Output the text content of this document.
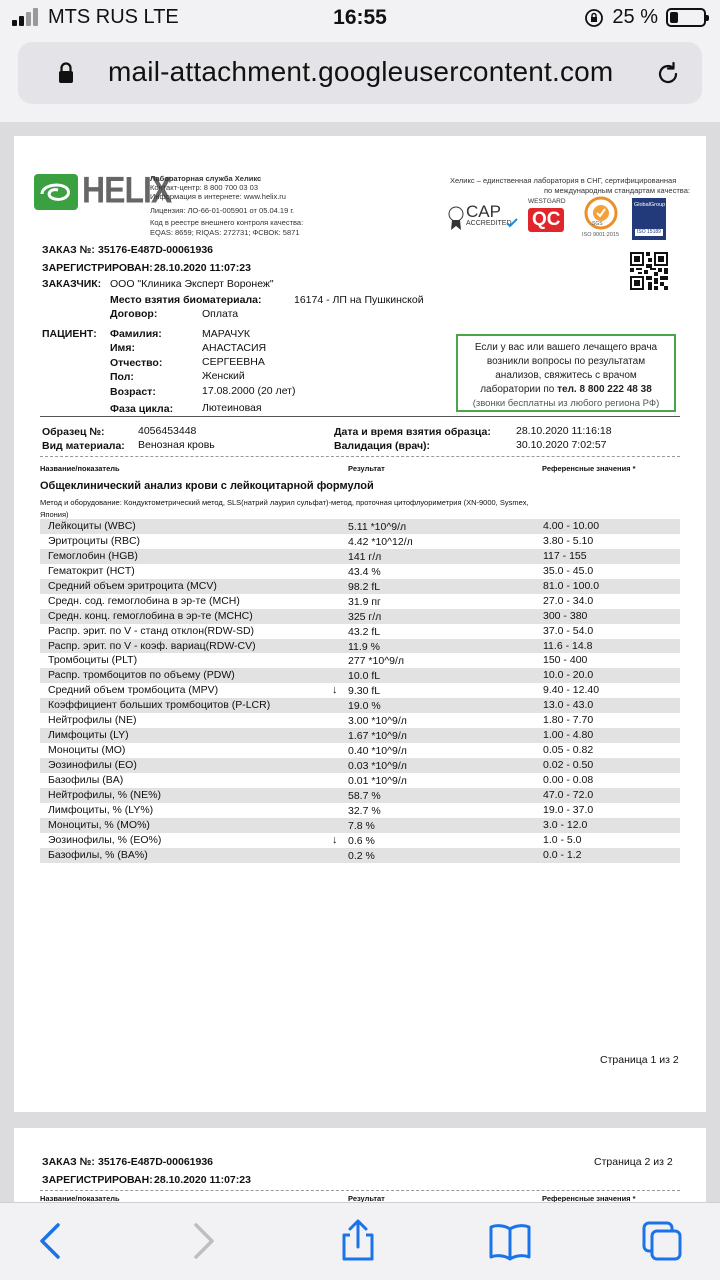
MTS RUS LTE	16:55	25 %
mail-attachment.googleusercontent.com
HELIX
Лабораторная служба Хеликс
Контакт-центр: 8 800 700 03 03
Информация в интернете: www.helix.ru
Лицензия: ЛО-66-01-005901 от 05.04.19 г.
Код в реестре внешнего контроля качества:
EQAS: 8659; RIQAS: 272731; ФСВОК: 5871
Хеликс – единственная лаборатория в СНГ, сертифицированная
по международным стандартам качества:
CAP
ACCREDITED
WESTGARD
QC	SGS
ISO 9001:2015
GlobalGroup
ISO 15189
ЗАКАЗ №: 35176-E487D-00061936
ЗАРЕГИСТРИРОВАН: 28.10.2020 11:07:23
ЗАКАЗЧИК: ООО "Клиника Эксперт Воронеж"
Место взятия биоматериала:	16174 - ЛП на Пушкинской
Договор:	Оплата
ПАЦИЕНТ: Фамилия:	МАРАЧУК
Имя:	АНАСТАСИЯ
Отчество:	СЕРГЕЕВНА
Пол:	Женский
Возраст:	17.08.2000 (20 лет)
Фаза цикла:	Лютеиновая
Если у вас или вашего лечащего врача
возникли вопросы по результатам
анализов, свяжитесь с врачом
лаборатории по тел. 8 800 222 48 38
(звонки бесплатны из любого региона РФ)
Образец №:	4056453448
Вид материала: Венозная кровь
Дата и время взятия образца: 28.10.2020 11:16:18
Валидация (врач):	30.10.2020 7:02:57
Название/показатель	Результат	Референсные значения *
Общеклинический анализ крови с лейкоцитарной формулой
Метод и оборудование: Кондуктометрический метод, SLS(натрий лаурил сульфат)-метод, проточная цитофлуориметрия (XN-9000, Sysmex,
Япония)
Лейкоциты (WBC)	5.11 *10^9/л	4.00 - 10.00
Эритроциты (RBC)	4.42 *10^12/л	3.80 - 5.10
Гемоглобин (HGB)	141 г/л	117 - 155
Гематокрит (HCT)	43.4 %	35.0 - 45.0
Средний объем эритроцита (MCV)	98.2 fL	81.0 - 100.0
Средн. сод. гемоглобина в эр-те (MCH)	31.9 пг	27.0 - 34.0
Средн. конц. гемоглобина в эр-те (MCHC)	325 г/л	300 - 380
Распр. эрит. по V - станд отклон(RDW-SD)	43.2 fL	37.0 - 54.0
Распр. эрит. по V - коэф. вариац(RDW-CV)	11.9 %	11.6 - 14.8
Тромбоциты (PLT)	277 *10^9/л	150 - 400
Распр. тромбоцитов по объему (PDW)	10.0 fL	10.0 - 20.0
Средний объем тромбоцита (MPV)	↓ 9.30 fL	9.40 - 12.40
Коэффициент больших тромбоцитов (P-LCR)	19.0 %	13.0 - 43.0
Нейтрофилы (NE)	3.00 *10^9/л	1.80 - 7.70
Лимфоциты (LY)	1.67 *10^9/л	1.00 - 4.80
Моноциты (MO)	0.40 *10^9/л	0.05 - 0.82
Эозинофилы (EO)	0.03 *10^9/л	0.02 - 0.50
Базофилы (BA)	0.01 *10^9/л	0.00 - 0.08
Нейтрофилы, % (NE%)	58.7 %	47.0 - 72.0
Лимфоциты, % (LY%)	32.7 %	19.0 - 37.0
Моноциты, % (MO%)	7.8 %	3.0 - 12.0
Эозинофилы, % (EO%)	↓ 0.6 %	1.0 - 5.0
Базофилы, % (BA%)	0.2 %	0.0 - 1.2
Страница 1 из 2
ЗАКАЗ №: 35176-E487D-00061936	Страница 2 из 2
ЗАРЕГИСТРИРОВАН: 28.10.2020 11:07:23
Название/показатель	Результат	Референсные значения *
